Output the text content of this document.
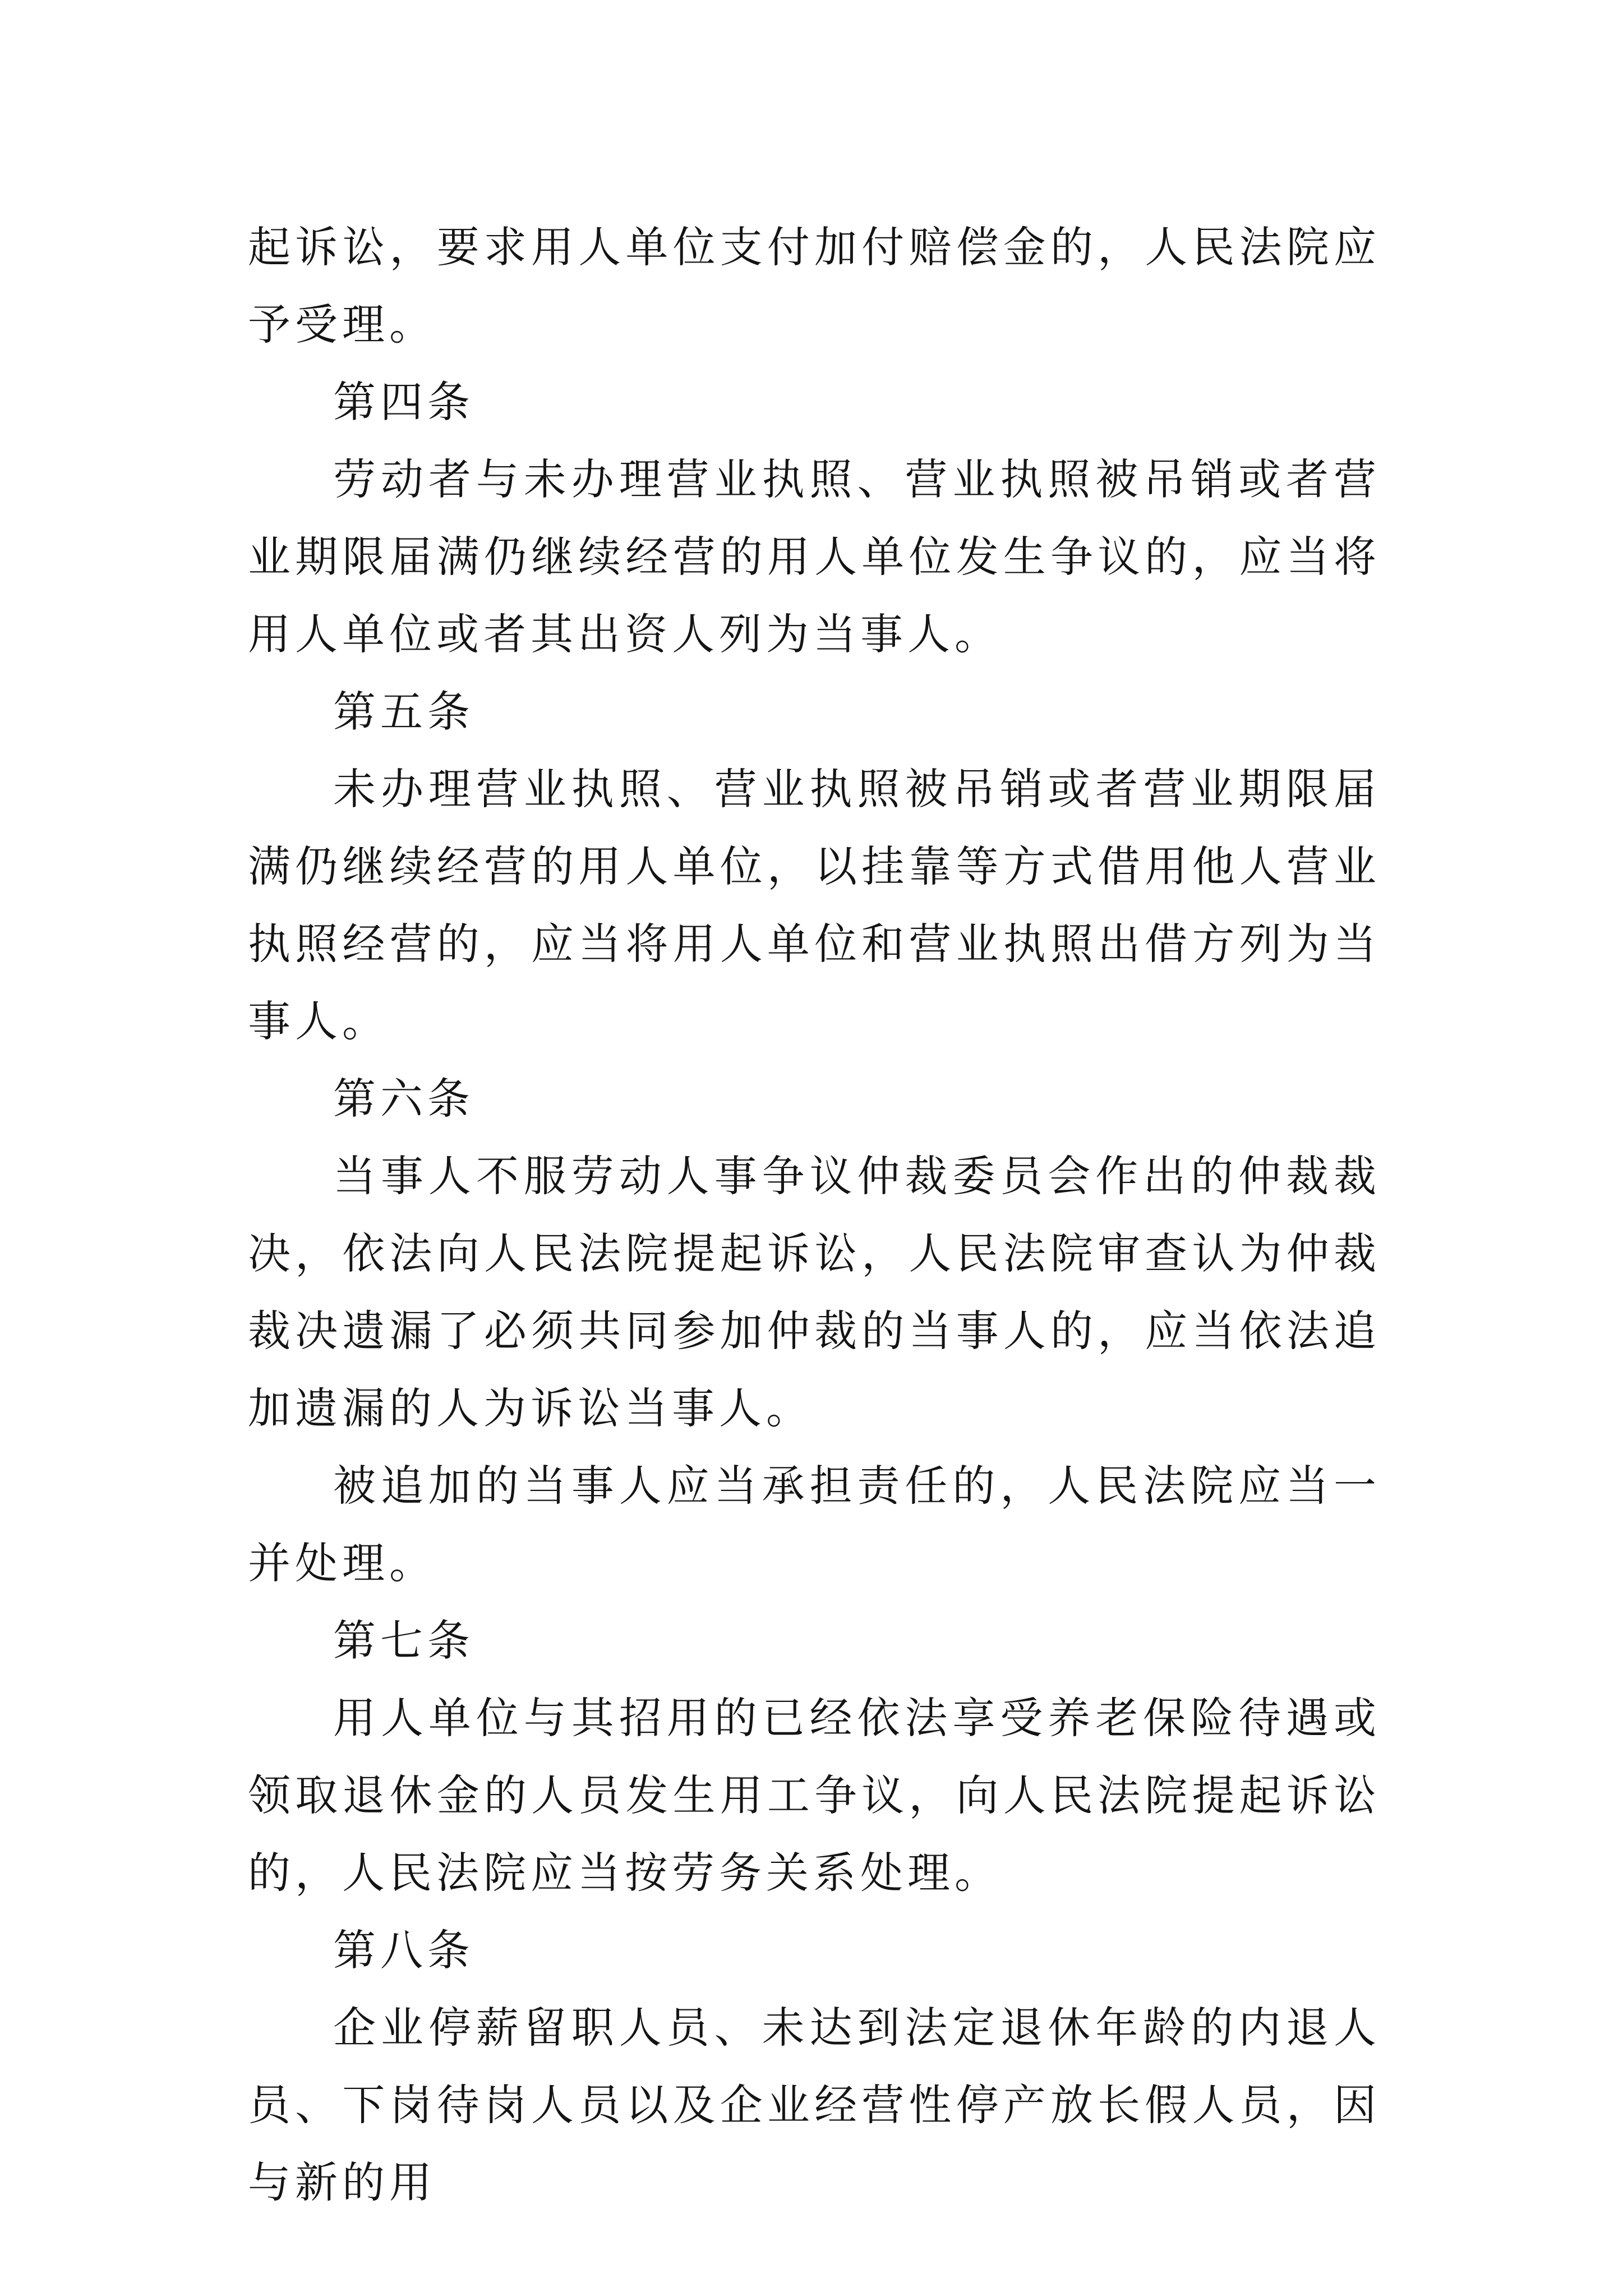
起诉讼，要求用人单位支付加付赔偿金的，人民法院应予受理。

第四条

劳动者与未办理营业执照、营业执照被吊销或者营业期限届满仍继续经营的用人单位发生争议的，应当将用人单位或者其出资人列为当事人。

第五条

未办理营业执照、营业执照被吊销或者营业期限届满仍继续经营的用人单位，以挂靠等方式借用他人营业执照经营的，应当将用人单位和营业执照出借方列为当事人。

第六条

当事人不服劳动人事争议仲裁委员会作出的仲裁裁决，依法向人民法院提起诉讼，人民法院审查认为仲裁裁决遗漏了必须共同参加仲裁的当事人的，应当依法追加遗漏的人为诉讼当事人。

被追加的当事人应当承担责任的，人民法院应当一并处理。

第七条

用人单位与其招用的已经依法享受养老保险待遇或领取退休金的人员发生用工争议，向人民法院提起诉讼的，人民法院应当按劳务关系处理。

第八条

企业停薪留职人员、未达到法定退休年龄的内退人员、下岗待岗人员以及企业经营性停产放长假人员，因与新的用
